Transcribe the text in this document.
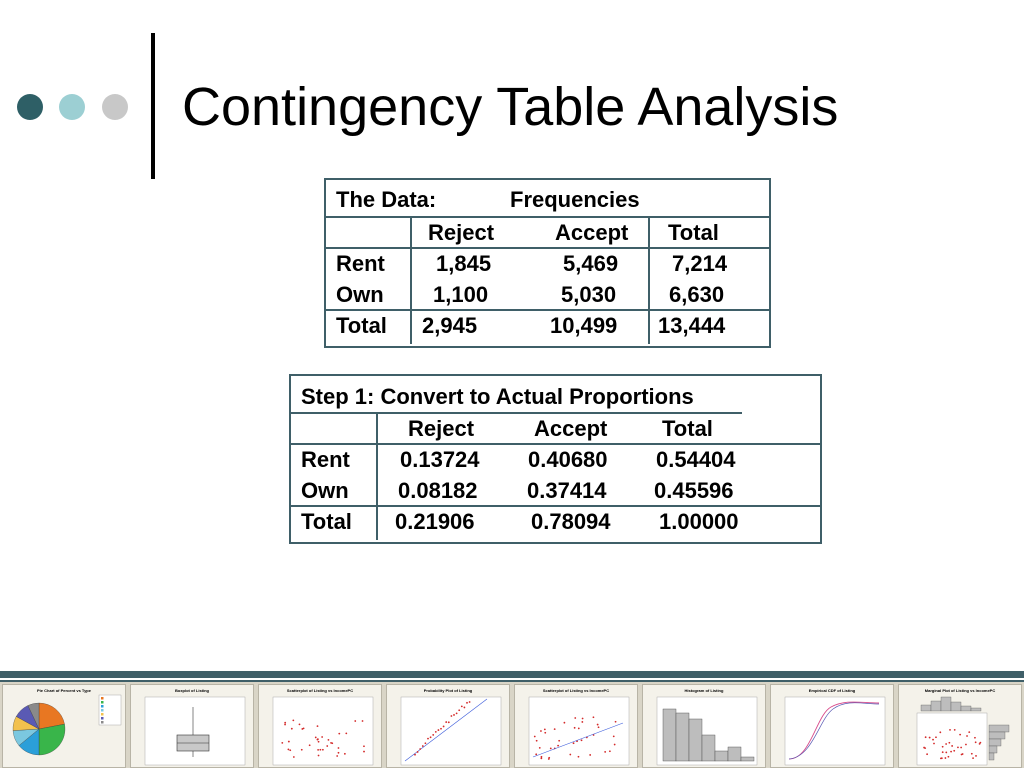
Contingency Table Analysis
The Data:	Frequencies
Reject	Accept Total
Rent 1,845	5,469 7,214
Own 1,100	5,030 6,630
Total 2,945	10,499 13,444
Step 1: Convert to Actual Proportions
Reject	Accept Total
Rent 0.13724 0.40680 0.54404
Own 0.08182 0.37414 0.45596
Total 0.21906	0.78094 1.00000
Pie Chart of Percent vs Type	Boxplot of Listing	Scatterplot of Listing vs IncomePC	Probability Plot of Listing	Scatterplot of Listing vs IncomePC	Histogram of Listing	Empirical CDF of Listing	Marginal Plot of Listing vs IncomePC
